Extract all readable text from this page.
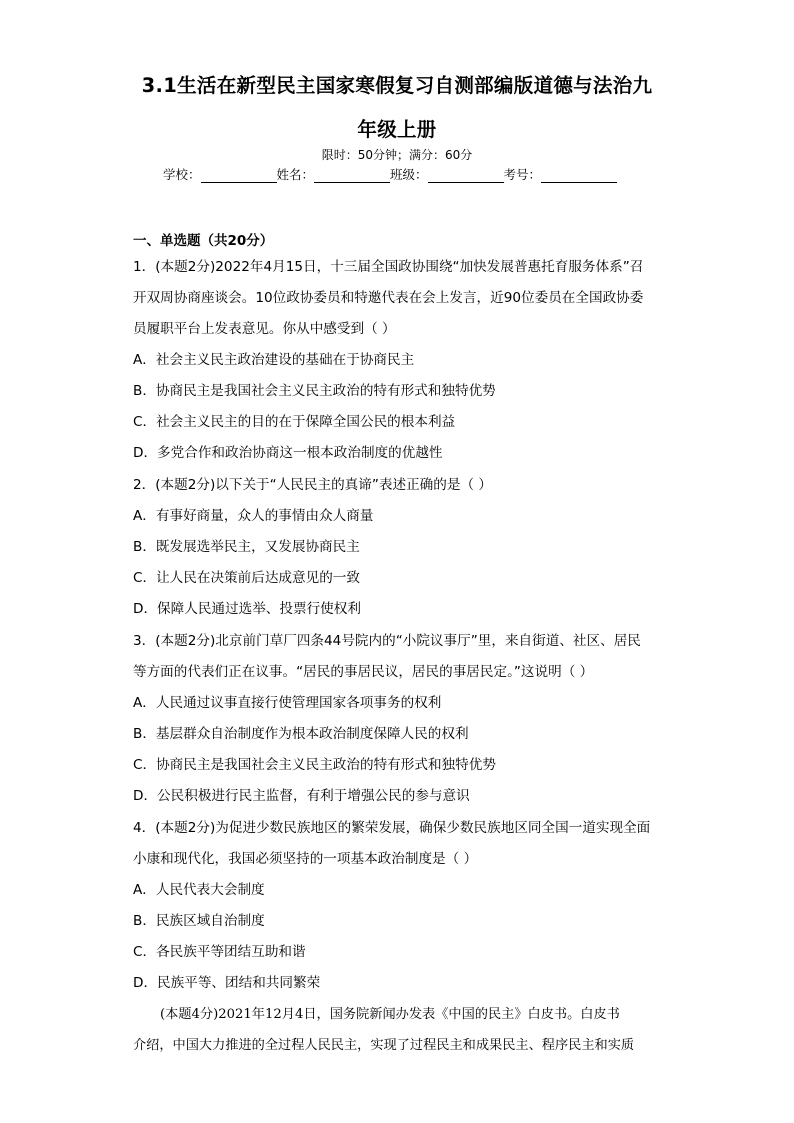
3.1生活在新型民主国家寒假复习自测部编版道德与法治九
年级上册
限时：50分钟；满分：60分
学校：	姓名：	班级：	考号：
一、单选题（共20分）
1．(本题2分)2022年4月15日，十三届全国政协围绕“加快发展普惠托育服务体系”召
开双周协商座谈会。10位政协委员和特邀代表在会上发言，近90位委员在全国政协委
员履职平台上发表意见。你从中感受到（ ）
A．社会主义民主政治建设的基础在于协商民主
B．协商民主是我国社会主义民主政治的特有形式和独特优势
C．社会主义民主的目的在于保障全国公民的根本利益
D．多党合作和政治协商这一根本政治制度的优越性
2．(本题2分)以下关于“人民民主的真谛”表述正确的是（ ）
A．有事好商量，众人的事情由众人商量
B．既发展选举民主，又发展协商民主
C．让人民在决策前后达成意见的一致
D．保障人民通过选举、投票行使权利
3．(本题2分)北京前门草厂四条44号院内的“小院议事厅”里，来自街道、社区、居民
等方面的代表们正在议事。“居民的事居民议，居民的事居民定。”这说明（ ）
A．人民通过议事直接行使管理国家各项事务的权利
B．基层群众自治制度作为根本政治制度保障人民的权利
C．协商民主是我国社会主义民主政治的特有形式和独特优势
D．公民积极进行民主监督，有利于增强公民的参与意识
4．(本题2分)为促进少数民族地区的繁荣发展，确保少数民族地区同全国一道实现全面
小康和现代化，我国必须坚持的一项基本政治制度是（ ）
A．人民代表大会制度
B．民族区域自治制度
C．各民族平等团结互助和谐
D．民族平等、团结和共同繁荣
(本题4分)2021年12月4日，国务院新闻办发表《中国的民主》白皮书。白皮书
介绍，中国大力推进的全过程人民民主，实现了过程民主和成果民主、程序民主和实质
